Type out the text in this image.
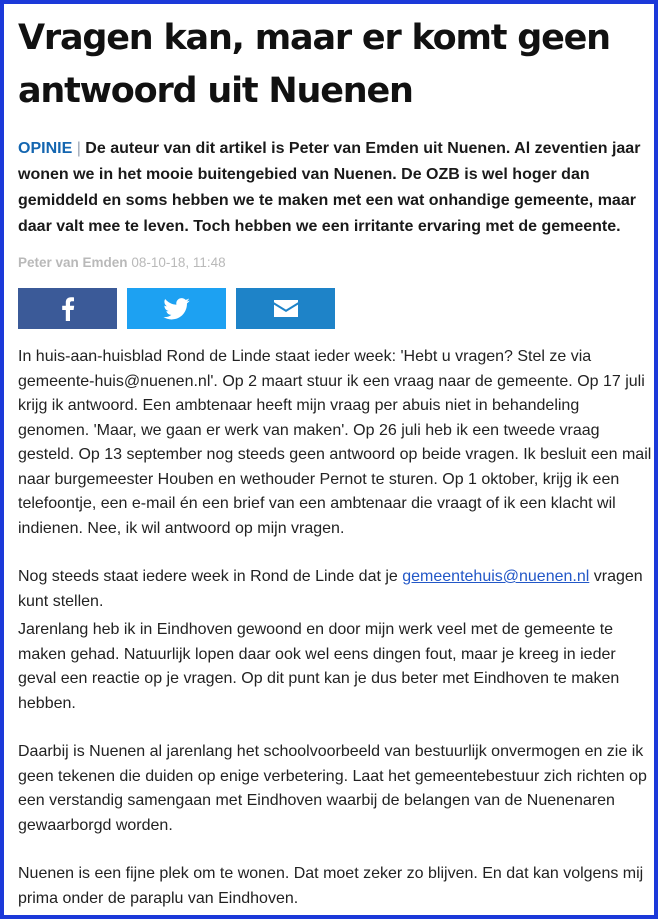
Vragen kan, maar er komt geen antwoord uit Nuenen
OPINIE | De auteur van dit artikel is Peter van Emden uit Nuenen. Al zeventien jaar wonen we in het mooie buitengebied van Nuenen. De OZB is wel hoger dan gemiddeld en soms hebben we te maken met een wat onhandige gemeente, maar daar valt mee te leven. Toch hebben we een irritante ervaring met de gemeente.
Peter van Emden 08-10-18, 11:48

In huis-aan-huisblad Rond de Linde staat ieder week: 'Hebt u vragen? Stel ze via gemeente-huis@nuenen.nl'. Op 2 maart stuur ik een vraag naar de gemeente. Op 17 juli krijg ik antwoord. Een ambtenaar heeft mijn vraag per abuis niet in behandeling genomen. 'Maar, we gaan er werk van maken'. Op 26 juli heb ik een tweede vraag gesteld. Op 13 september nog steeds geen antwoord op beide vragen. Ik besluit een mail naar burgemeester Houben en wethouder Pernot te sturen. Op 1 oktober, krijg ik een telefoontje, een e-mail én een brief van een ambtenaar die vraagt of ik een klacht wil indienen. Nee, ik wil antwoord op mijn vragen.

Nog steeds staat iedere week in Rond de Linde dat je gemeentehuis@nuenen.nl vragen kunt stellen.

Jarenlang heb ik in Eindhoven gewoond en door mijn werk veel met de gemeente te maken gehad. Natuurlijk lopen daar ook wel eens dingen fout, maar je kreeg in ieder geval een reactie op je vragen. Op dit punt kan je dus beter met Eindhoven te maken hebben.

Daarbij is Nuenen al jarenlang het schoolvoorbeeld van bestuurlijk onvermogen en zie ik geen tekenen die duiden op enige verbetering. Laat het gemeentebestuur zich richten op een verstandig samengaan met Eindhoven waarbij de belangen van de Nuenenaren gewaarborgd worden.

Nuenen is een fijne plek om te wonen. Dat moet zeker zo blijven. En dat kan volgens mij prima onder de paraplu van Eindhoven.
